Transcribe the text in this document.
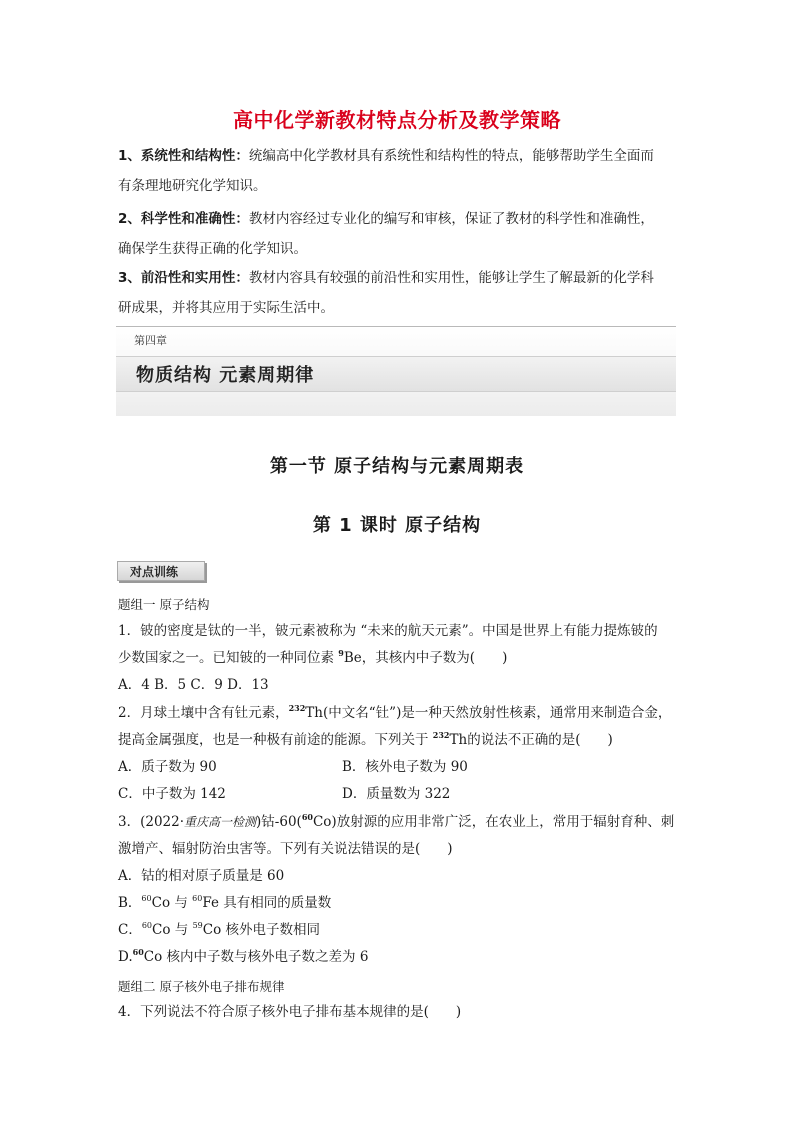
高中化学新教材特点分析及教学策略
1、系统性和结构性：统编高中化学教材具有系统性和结构性的特点，能够帮助学生全面而
有条理地研究化学知识。
2、科学性和准确性：教材内容经过专业化的编写和审核，保证了教材的科学性和准确性，
确保学生获得正确的化学知识。
3、前沿性和实用性：教材内容具有较强的前沿性和实用性，能够让学生了解最新的化学科
研成果，并将其应用于实际生活中。
第四章
物质结构 元素周期律
第一节 原子结构与元素周期表
第 1 课时 原子结构
对点训练
题组一 原子结构
1．铍的密度是钛的一半，铍元素被称为 “未来的航天元素”。中国是世界上有能力提炼铍的
少数国家之一。已知铍的一种同位素 $^9$Be，其核内中子数为(　　)
A．4 B．5 C．9 D．13
2．月球土壤中含有钍元素，$^{232}$Th(中文名“钍”)是一种天然放射性核素，通常用来制造合金，
提高金属强度，也是一种极有前途的能源。下列关于 $^{232}$Th的说法不正确的是(　　)
A．质子数为 90	B．核外电子数为 90
C．中子数为 142	D．质量数为 322
3．(2022·重庆高一检测)钴-60($^{60}$Co)放射源的应用非常广泛，在农业上，常用于辐射育种、刺
激增产、辐射防治虫害等。下列有关说法错误的是(　　)
A．钴的相对原子质量是 60
B．$^{60}$Co 与 $^{60}$Fe 具有相同的质量数
C．$^{60}$Co 与 $^{59}$Co 核外电子数相同
D.$^{60}$Co 核内中子数与核外电子数之差为 6
题组二 原子核外电子排布规律
4．下列说法不符合原子核外电子排布基本规律的是(　　)
